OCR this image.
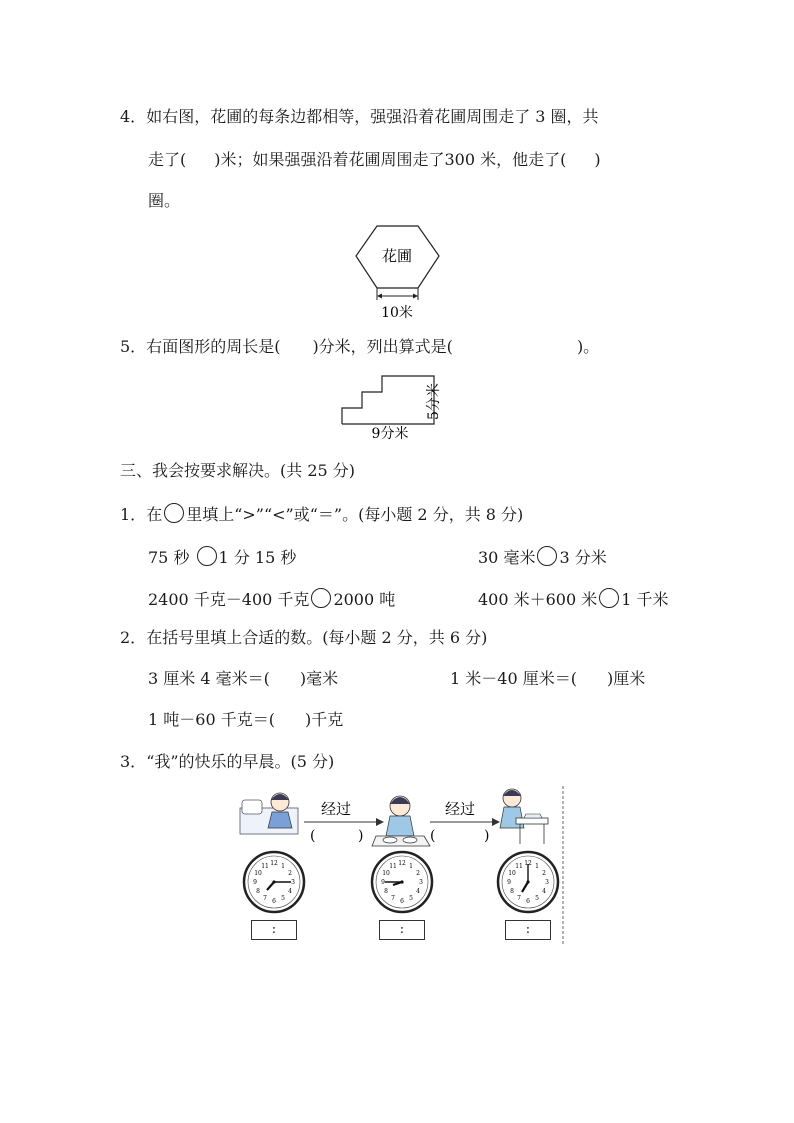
4．如右图，花圃的每条边都相等，强强沿着花圃周围走了 3 圈，共
走了( )米；如果强强沿着花圃周围走了300 米，他走了( )
圈。
花圃
10米
5．右面图形的周长是( )分米，列出算式是(	)。
5分米
9分米
三、我会按要求解决。(共 25 分)
1．在 里填上“>”“<”或“＝”。(每小题 2 分，共 8 分)
75 秒 1 分 15 秒	30 毫米 3 分米
2400 千克－400 千克 2000 吨	400 米＋600 米 1 千米
2．在括号里填上合适的数。(每小题 2 分，共 6 分)
3 厘米 4 毫米＝( )毫米	1 米－40 厘米＝( )厘米
1 吨－60 千克＝( )千克
3．“我”的快乐的早晨。(5 分)
经过
(	)
经过
(	)
12 1
2
3
4
5
6
7
8
9
10
11	12 1
2
3
4
5
6
7
8
9
10
11	12 1
2
3
4
5
6
7
8
9
10
11
:	:	:
